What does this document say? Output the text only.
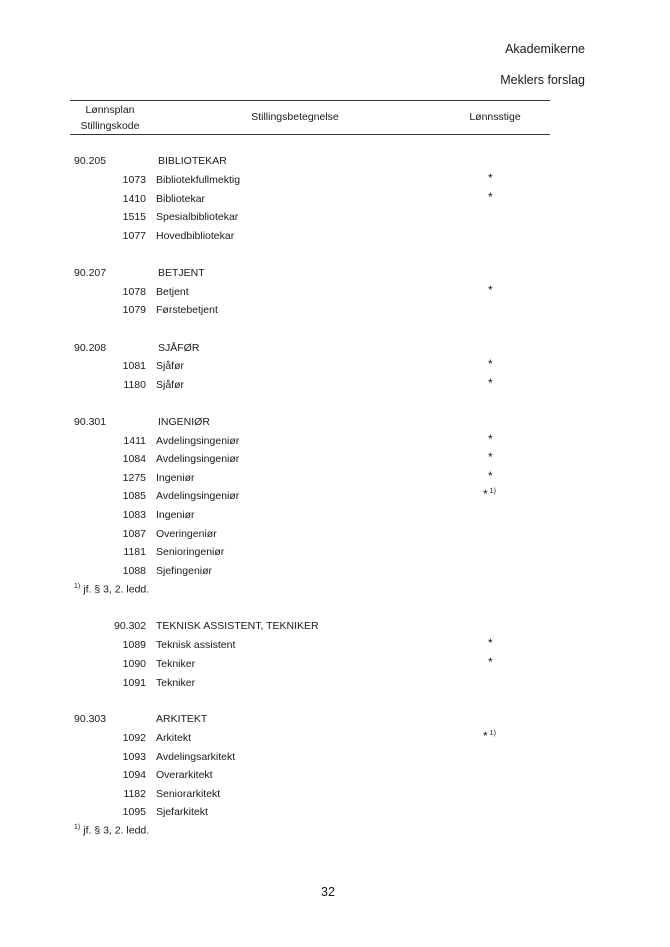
Akademikerne
Meklers forslag
Lønnsplan
Stillingskode
Stillingsbetegnelse	Lønnsstige
90.205	BIBLIOTEKAR
1073 Bibliotekfullmektig	*
1410 Bibliotekar	*
1515 Spesialbibliotekar
1077 Hovedbibliotekar
90.207	BETJENT
1078 Betjent	*
1079 Førstebetjent
90.208	SJÅFØR
1081 Sjåfør	*
1180 Sjåfør	*
90.301	INGENIØR
1411 Avdelingsingeniør	*
1084 Avdelingsingeniør	*
1275 Ingeniør	*
1085 Avdelingsingeniør	* $^{1)}$
1083 Ingeniør
1087 Overingeniør
1181 Senioringeniør
1088 Sjefingeniør
$^{1)}$ jf. § 3, 2. ledd.
90.302 TEKNISK ASSISTENT, TEKNIKER
1089 Teknisk assistent	*
1090 Tekniker	*
1091 Tekniker
90.303	ARKITEKT
1092 Arkitekt	* $^{1)}$
1093 Avdelingsarkitekt
1094 Overarkitekt
1182 Seniorarkitekt
1095 Sjefarkitekt
$^{1)}$ jf. § 3, 2. ledd.
32
